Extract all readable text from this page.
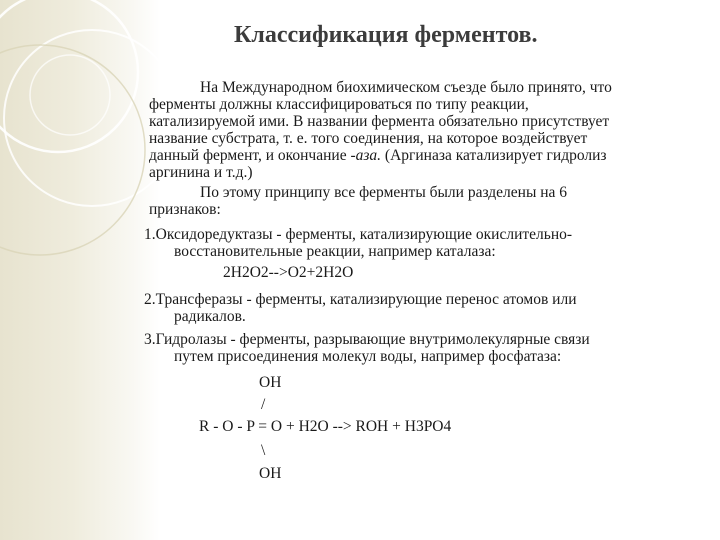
Классификация ферментов.
На Международном биохимическом съезде было принято, что
ферменты должны классифицироваться по типу реакции,
катализируемой ими. В названии фермента обязательно присутствует
название субстрата, т. е. того соединения, на которое воздействует
данный фермент, и окончание -аза. (Аргиназа катализирует гидролиз
аргинина и т.д.)
По этому принципу все ферменты были разделены на 6
признаков:
1.Оксидоредуктазы - ферменты, катализирующие окислительно-
восстановительные реакции, например каталаза:
2H2O2-->O2+2H2O
2.Трансферазы - ферменты, катализирующие перенос атомов или
радикалов.
3.Гидролазы - ферменты, разрывающие внутримолекулярные связи
путем присоединения молекул воды, например фосфатаза:
OH
/
R - O - P = O + H2O --> ROH + H3PO4
\
OH
